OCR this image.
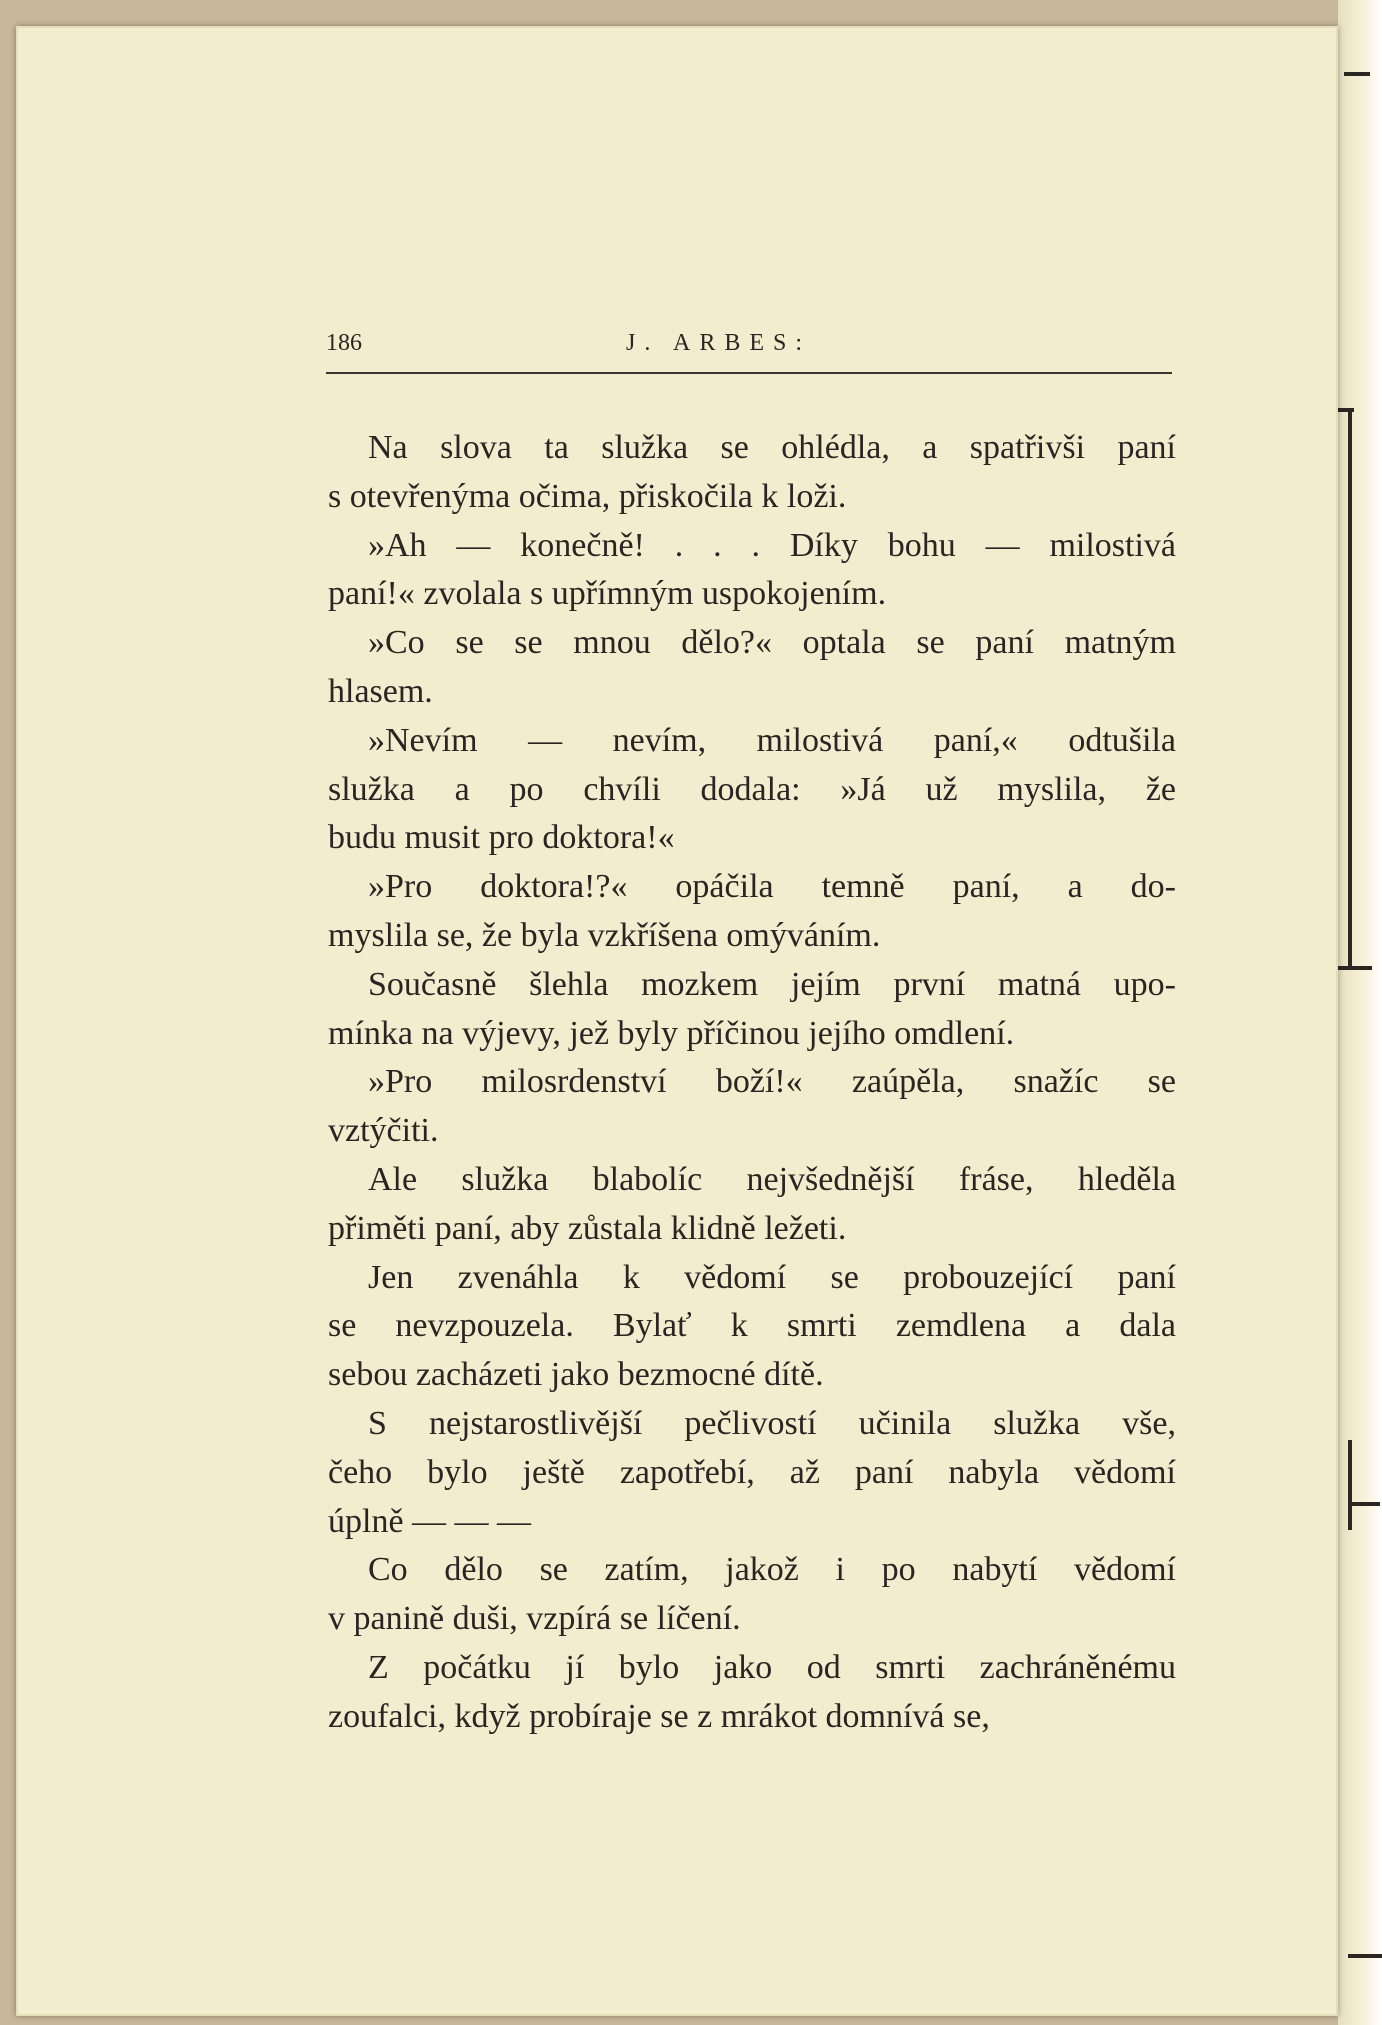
186	J. ARBES:
Na slova ta služka se ohlédla, a spatřivši paní
s otevřenýma očima, přiskočila k loži.
»Ah — konečně! . . . Díky bohu — milostivá
paní!« zvolala s upřímným uspokojením.
»Co se se mnou dělo?« optala se paní matným
hlasem.
»Nevím — nevím, milostivá paní,« odtušila
služka a po chvíli dodala: »Já už myslila, že
budu musit pro doktora!«
»Pro doktora!?« opáčila temně paní, a do-
myslila se, že byla vzkříšena omýváním.
Současně šlehla mozkem jejím první matná upo-
mínka na výjevy, jež byly příčinou jejího omdlení.
»Pro milosrdenství boží!« zaúpěla, snažíc se
vztýčiti.
Ale služka blabolíc nejvšednější fráse, hleděla
přiměti paní, aby zůstala klidně ležeti.
Jen zvenáhla k vědomí se probouzející paní
se nevzpouzela. Bylať k smrti zemdlena a dala
sebou zacházeti jako bezmocné dítě.
S nejstarostlivější pečlivostí učinila služka vše,
čeho bylo ještě zapotřebí, až paní nabyla vědomí
úplně — — —
Co dělo se zatím, jakož i po nabytí vědomí
v panině duši, vzpírá se líčení.
Z počátku jí bylo jako od smrti zachráněnému
zoufalci, když probíraje se z mrákot domnívá se,
